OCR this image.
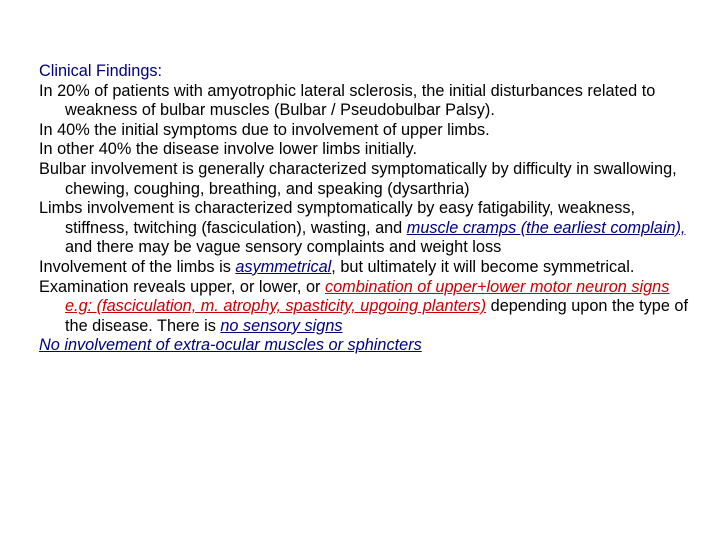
Clinical Findings:

In 20% of patients with amyotrophic lateral sclerosis, the initial disturbances related to weakness of bulbar muscles (Bulbar / Pseudobulbar Palsy).

In 40% the initial symptoms due to involvement of upper limbs.

In other 40% the disease involve lower limbs initially.

Bulbar involvement is generally characterized symptomatically by difficulty in swallowing, chewing, coughing, breathing, and speaking (dysarthria)

Limbs involvement is characterized symptomatically by easy fatigability, weakness, stiffness, twitching (fasciculation), wasting, and muscle cramps (the earliest complain), and there may be vague sensory complaints and weight loss

Involvement of the limbs is asymmetrical, but ultimately it will become symmetrical.

Examination reveals upper, or lower, or combination of upper+lower motor neuron signs e.g: (fasciculation, m. atrophy, spasticity, upgoing planters) depending upon the type of the disease. There is no sensory signs

No involvement of extra-ocular muscles or sphincters
